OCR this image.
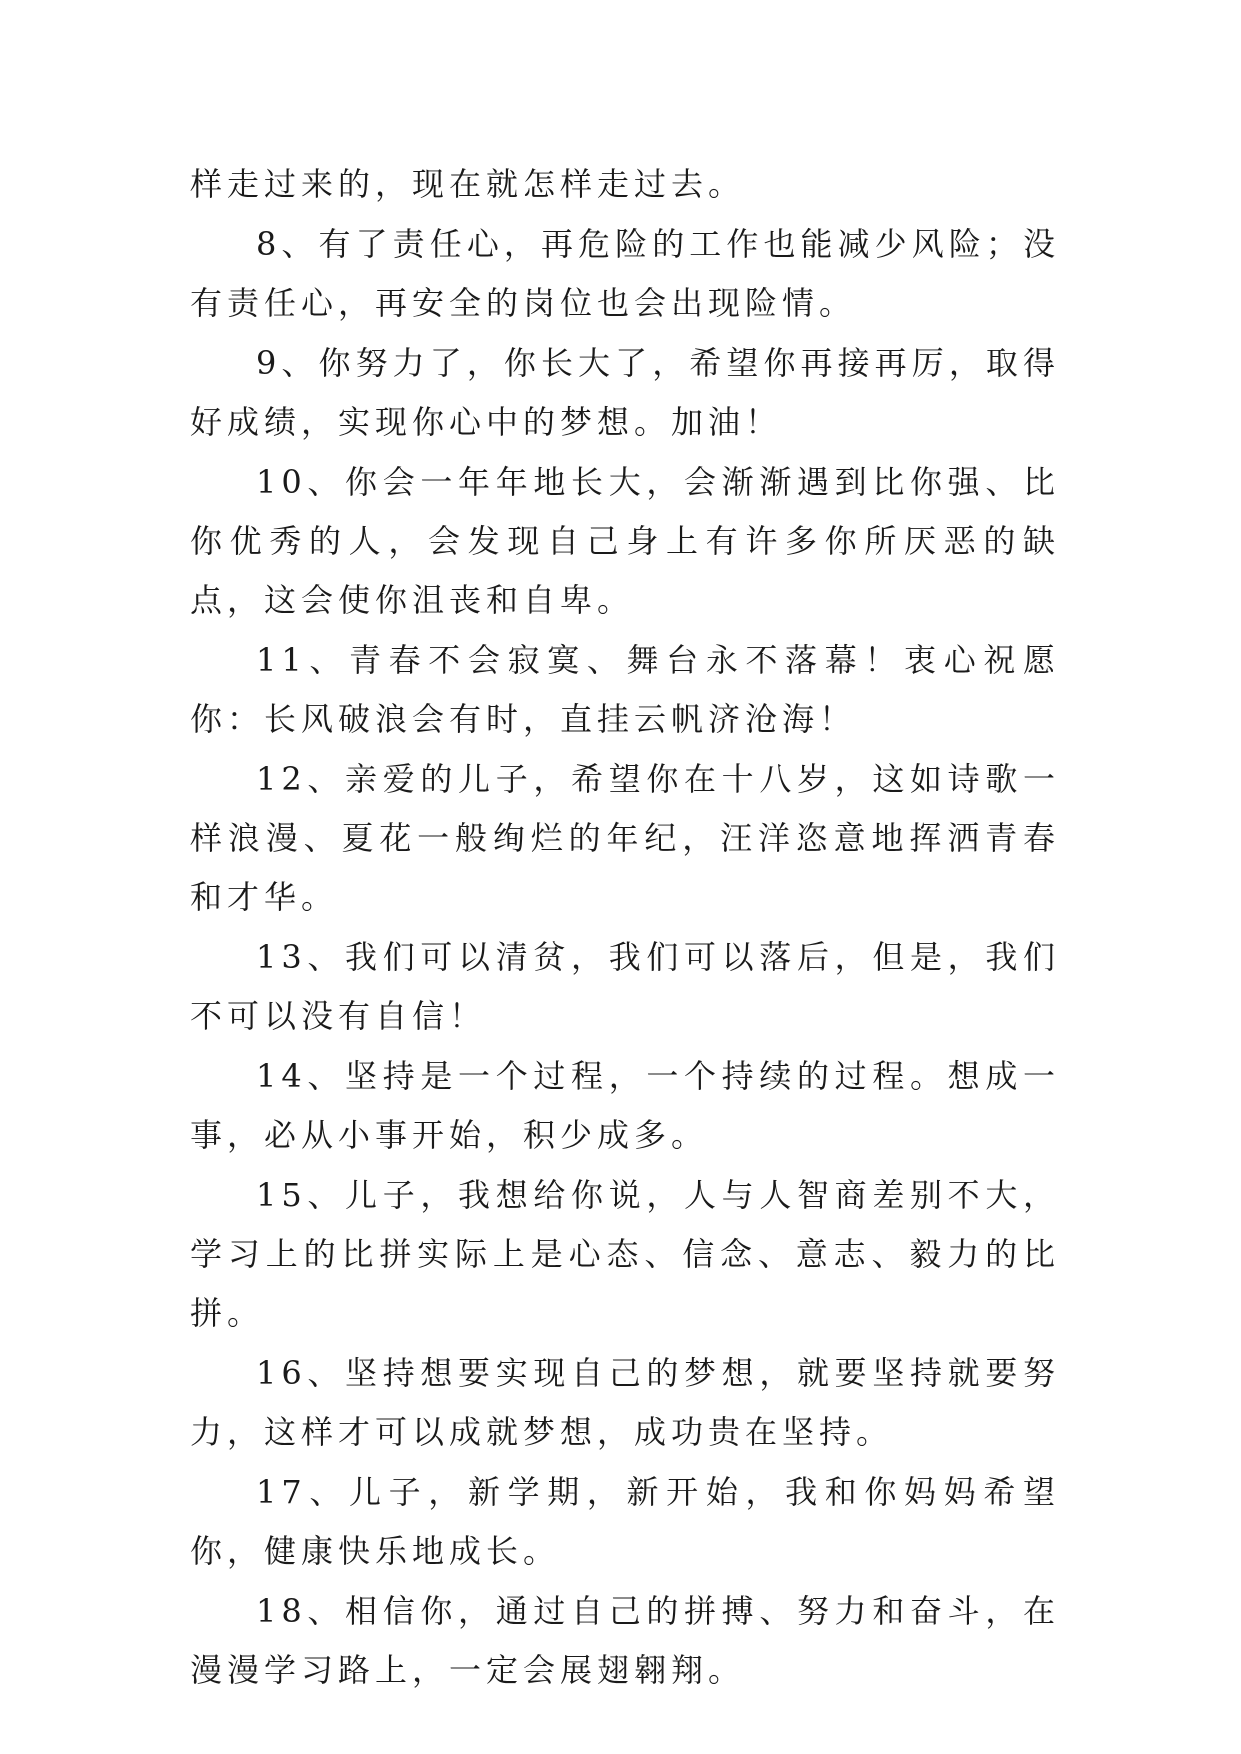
样走过来的，现在就怎样走过去。

8、有了责任心，再危险的工作也能减少风险；没有责任心，再安全的岗位也会出现险情。

9、你努力了，你长大了，希望你再接再厉，取得好成绩，实现你心中的梦想。加油！

10、你会一年年地长大，会渐渐遇到比你强、比你优秀的人，会发现自己身上有许多你所厌恶的缺点，这会使你沮丧和自卑。

11、青春不会寂寞、舞台永不落幕！衷心祝愿你：长风破浪会有时，直挂云帆济沧海！

12、亲爱的儿子，希望你在十八岁，这如诗歌一样浪漫、夏花一般绚烂的年纪，汪洋恣意地挥洒青春和才华。

13、我们可以清贫，我们可以落后，但是，我们不可以没有自信！

14、坚持是一个过程，一个持续的过程。想成一事，必从小事开始，积少成多。

15、儿子，我想给你说，人与人智商差别不大，学习上的比拼实际上是心态、信念、意志、毅力的比拼。

16、坚持想要实现自己的梦想，就要坚持就要努力，这样才可以成就梦想，成功贵在坚持。

17、儿子，新学期，新开始，我和你妈妈希望你，健康快乐地成长。

18、相信你，通过自己的拼搏、努力和奋斗，在漫漫学习路上，一定会展翅翱翔。
